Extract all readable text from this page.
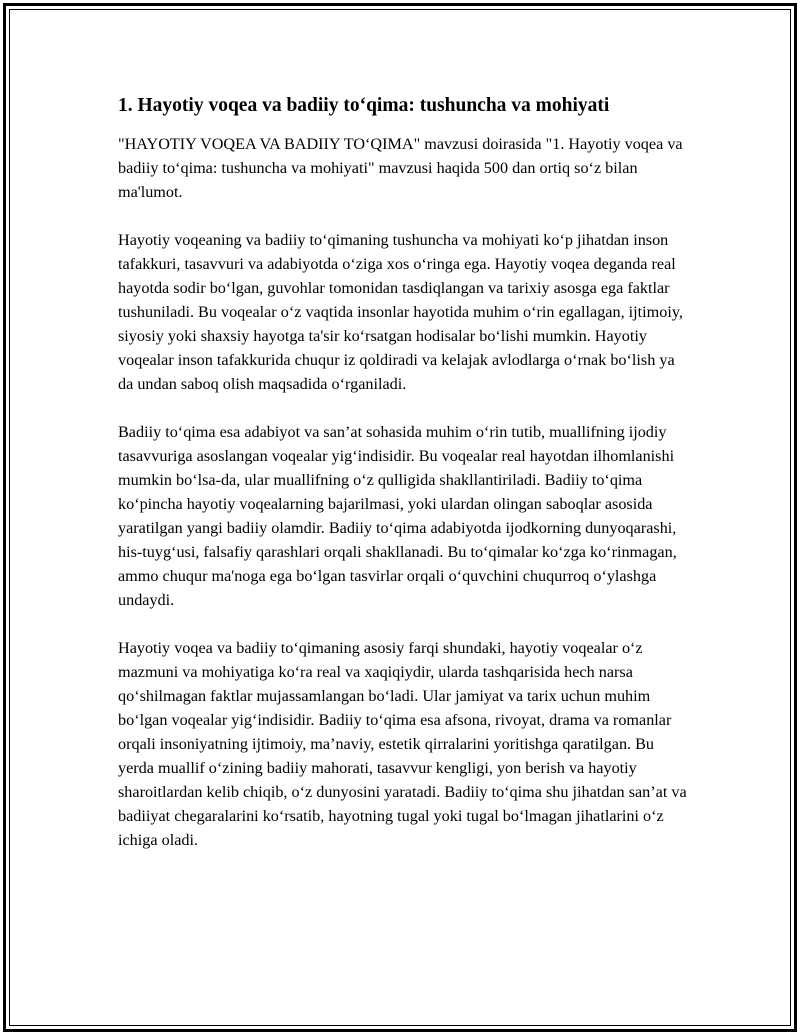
1. Hayotiy voqea va badiiy to‘qima: tushuncha va mohiyati

"HAYOTIY VOQEA VA BADIIY TO‘QIMA" mavzusi doirasida "1. Hayotiy voqea va badiiy to‘qima: tushuncha va mohiyati" mavzusi haqida 500 dan ortiq so‘z bilan ma'lumot.

Hayotiy voqeaning va badiiy to‘qimaning tushuncha va mohiyati ko‘p jihatdan inson tafakkuri, tasavvuri va adabiyotda o‘ziga xos o‘ringa ega. Hayotiy voqea deganda real hayotda sodir bo‘lgan, guvohlar tomonidan tasdiqlangan va tarixiy asosga ega faktlar tushuniladi. Bu voqealar o‘z vaqtida insonlar hayotida muhim o‘rin egallagan, ijtimoiy, siyosiy yoki shaxsiy hayotga ta'sir ko‘rsatgan hodisalar bo‘lishi mumkin. Hayotiy voqealar inson tafakkurida chuqur iz qoldiradi va kelajak avlodlarga o‘rnak bo‘lish ya da undan saboq olish maqsadida o‘rganiladi.

Badiiy to‘qima esa adabiyot va san’at sohasida muhim o‘rin tutib, muallifning ijodiy tasavvuriga asoslangan voqealar yig‘indisidir. Bu voqealar real hayotdan ilhomlanishi mumkin bo‘lsa-da, ular muallifning o‘z qulligida shakllantiriladi. Badiiy to‘qima ko‘pincha hayotiy voqealarning bajarilmasi, yoki ulardan olingan saboqlar asosida yaratilgan yangi badiiy olamdir. Badiiy to‘qima adabiyotda ijodkorning dunyoqarashi, his-tuyg‘usi, falsafiy qarashlari orqali shakllanadi. Bu to‘qimalar ko‘zga ko‘rinmagan, ammo chuqur ma'noga ega bo‘lgan tasvirlar orqali o‘quvchini chuqurroq o‘ylashga undaydi.

Hayotiy voqea va badiiy to‘qimaning asosiy farqi shundaki, hayotiy voqealar o‘z mazmuni va mohiyatiga ko‘ra real va xaqiqiydir, ularda tashqarisida hech narsa qo‘shilmagan faktlar mujassamlangan bo‘ladi. Ular jamiyat va tarix uchun muhim bo‘lgan voqealar yig‘indisidir. Badiiy to‘qima esa afsona, rivoyat, drama va romanlar orqali insoniyatning ijtimoiy, ma’naviy, estetik qirralarini yoritishga qaratilgan. Bu yerda muallif o‘zining badiiy mahorati, tasavvur kengligi, yon berish va hayotiy sharoitlardan kelib chiqib, o‘z dunyosini yaratadi. Badiiy to‘qima shu jihatdan san’at va badiiyat chegaralarini ko‘rsatib, hayotning tugal yoki tugal bo‘lmagan jihatlarini o‘z ichiga oladi.
